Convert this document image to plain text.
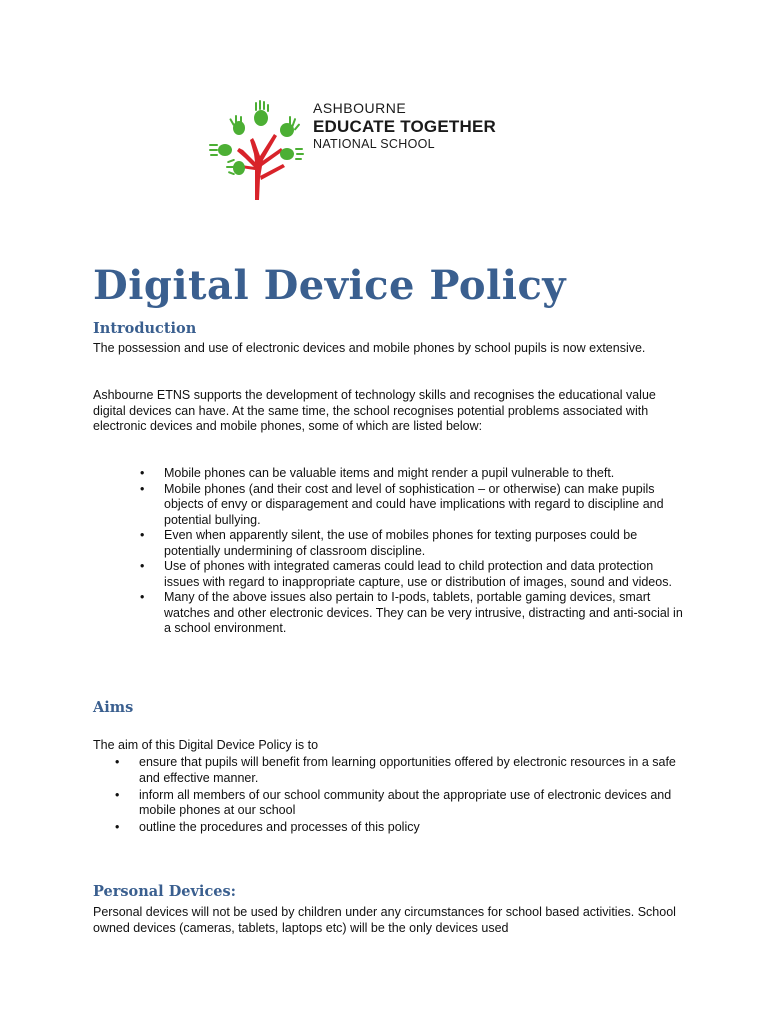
ASHBOURNE
EDUCATE TOGETHER
NATIONAL SCHOOL
Digital Device Policy
Introduction

The possession and use of electronic devices and mobile phones by school pupils is now extensive.

Ashbourne ETNS supports the development of technology skills and recognises the educational value digital devices can have. At the same time, the school recognises potential problems associated with electronic devices and mobile phones, some of which are listed below:

• Mobile phones can be valuable items and might render a pupil vulnerable to theft.
• Mobile phones (and their cost and level of sophistication – or otherwise) can make pupils objects of envy or disparagement and could have implications with regard to discipline and potential bullying.
• Even when apparently silent, the use of mobiles phones for texting purposes could be potentially undermining of classroom discipline.
• Use of phones with integrated cameras could lead to child protection and data protection issues with regard to inappropriate capture, use or distribution of images, sound and videos.
• Many of the above issues also pertain to I-pods, tablets, portable gaming devices, smart watches and other electronic devices. They can be very intrusive, distracting and anti-social in a school environment.
Aims

The aim of this Digital Device Policy is to

• ensure that pupils will benefit from learning opportunities offered by electronic resources in a safe and effective manner.
• inform all members of our school community about the appropriate use of electronic devices and mobile phones at our school
• outline the procedures and processes of this policy
Personal Devices:

Personal devices will not be used by children under any circumstances for school based activities. School owned devices (cameras, tablets, laptops etc) will be the only devices used
